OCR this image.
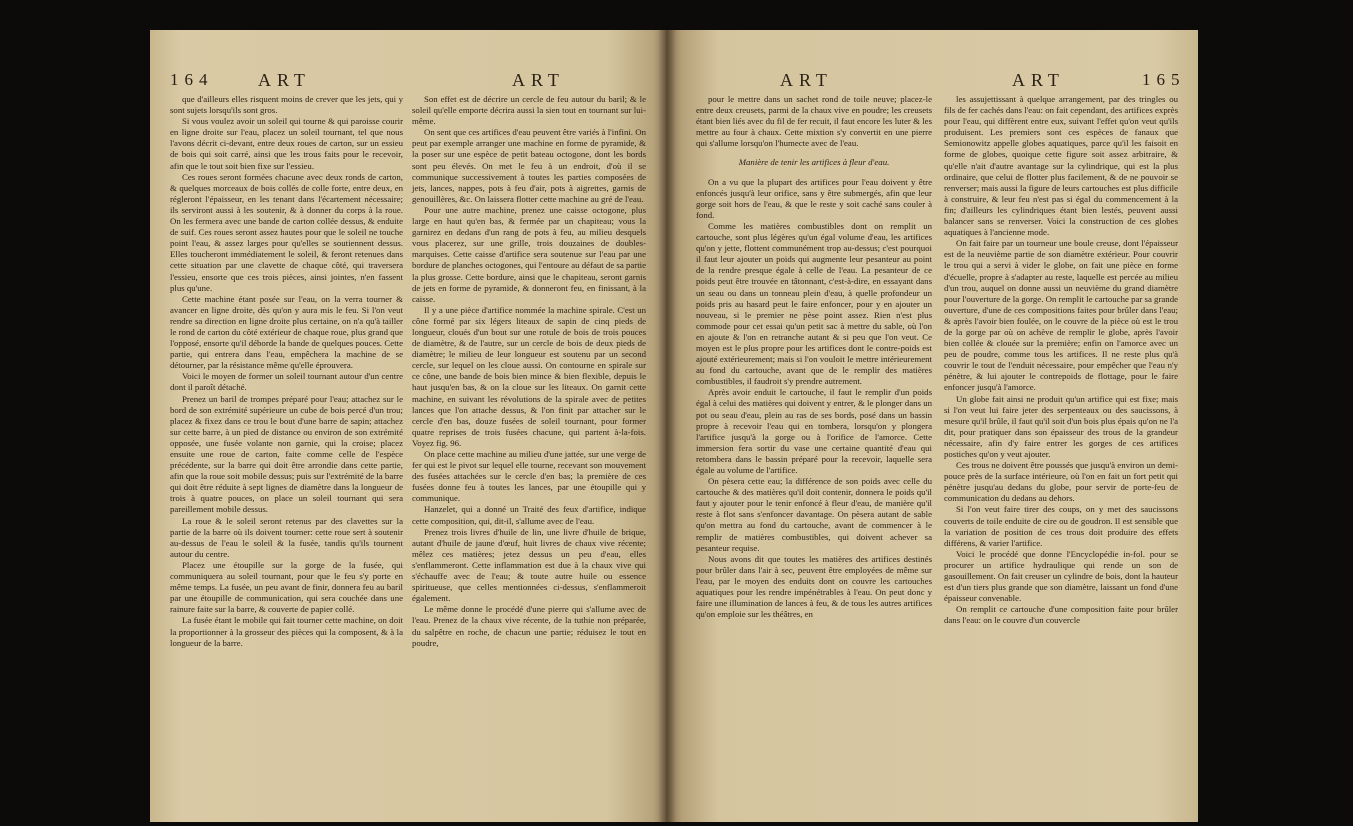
164 ART	ART

que d'ailleurs elles risquent moins de crever que les jets, qui y sont sujets lorsqu'ils sont gros.

Si vous voulez avoir un soleil qui tourne & qui paroisse courir en ligne droite sur l'eau, placez un soleil tournant, tel que nous l'avons décrit ci-devant, entre deux roues de carton, sur un essieu de bois qui soit carré, ainsi que les trous faits pour le recevoir, afin que le tout soit bien fixe sur l'essieu.

Ces roues seront formées chacune avec deux ronds de carton, & quelques morceaux de bois collés de colle forte, entre deux, en régleront l'épaisseur, en les tenant dans l'écartement nécessaire; ils serviront aussi à les soutenir, & à donner du corps à la roue. On les fermera avec une bande de carton collée dessus, & enduite de suif. Ces roues seront assez hautes pour que le soleil ne touche point l'eau, & assez larges pour qu'elles se soutiennent dessus. Elles toucheront immédiatement le soleil, & feront retenues dans cette situation par une clavette de chaque côté, qui traversera l'essieu, ensorte que ces trois pièces, ainsi jointes, n'en fassent plus qu'une.

Cette machine étant posée sur l'eau, on la verra tourner & avancer en ligne droite, dès qu'on y aura mis le feu. Si l'on veut rendre sa direction en ligne droite plus certaine, on n'a qu'à tailler le rond de carton du côté extérieur de chaque roue, plus grand que l'opposé, ensorte qu'il déborde la bande de quelques pouces. Cette partie, qui entrera dans l'eau, empêchera la machine de se détourner, par la résistance même qu'elle éprouvera.

Voici le moyen de former un soleil tournant autour d'un centre dont il paroît détaché.

Prenez un baril de trompes préparé pour l'eau; attachez sur le bord de son extrémité supérieure un cube de bois percé d'un trou; placez & fixez dans ce trou le bout d'une barre de sapin; attachez sur cette barre, à un pied de distance ou environ de son extrémité opposée, une fusée volante non garnie, qui la croise; placez ensuite une roue de carton, faite comme celle de l'espèce précédente, sur la barre qui doit être arrondie dans cette partie, afin que la roue soit mobile dessus; puis sur l'extrémité de la barre qui doit être réduite à sept lignes de diamètre dans la longueur de trois à quatre pouces, on place un soleil tournant qui sera pareillement mobile dessus.

La roue & le soleil seront retenus par des clavettes sur la partie de la barre où ils doivent tourner: cette roue sert à soutenir au-dessus de l'eau le soleil & la fusée, tandis qu'ils tournent autour du centre.

Placez une étoupille sur la gorge de la fusée, qui communiquera au soleil tournant, pour que le feu s'y porte en même temps. La fusée, un peu avant de finir, donnera feu au baril par une étoupille de communication, qui sera couchée dans une rainure faite sur la barre, & couverte de papier collé.

La fusée étant le mobile qui fait tourner cette machine, on doit la proportionner à la grosseur des pièces qui la composent, & à la longueur de la barre.

Son effet est de décrire un cercle de feu autour du baril; & le soleil qu'elle emporte décrira aussi la sien tout en tournant sur lui-même.

On sent que ces artifices d'eau peuvent être variés à l'infini. On peut par exemple arranger une machine en forme de pyramide, & la poser sur une espèce de petit bateau octogone, dont les bords sont peu élevés. On met le feu à un endroit, d'où il se communique successivement à toutes les parties composées de jets, lances, nappes, pots à feu d'air, pots à aigrettes, garnis de genouillères, &c. On laissera flotter cette machine au gré de l'eau.

Pour une autre machine, prenez une caisse octogone, plus large en haut qu'en bas, & fermée par un chapiteau; vous la garnirez en dedans d'un rang de pots à feu, au milieu desquels vous placerez, sur une grille, trois douzaines de doubles-marquises. Cette caisse d'artifice sera soutenue sur l'eau par une bordure de planches octogones, qui l'entoure au défaut de sa partie la plus grosse. Cette bordure, ainsi que le chapiteau, seront garnis de jets en forme de pyramide, & donneront feu, en finissant, à la caisse.

Il y a une pièce d'artifice nommée la machine spirale. C'est un cône formé par six légers liteaux de sapin de cinq pieds de longueur, cloués d'un bout sur une rotule de bois de trois pouces de diamètre, & de l'autre, sur un cercle de bois de deux pieds de diamètre; le milieu de leur longueur est soutenu par un second cercle, sur lequel on les cloue aussi. On contourne en spirale sur ce cône, une bande de bois bien mince & bien flexible, depuis le haut jusqu'en bas, & on la cloue sur les liteaux. On garnit cette machine, en suivant les révolutions de la spirale avec de petites lances que l'on attache dessus, & l'on finit par attacher sur le cercle d'en bas, douze fusées de soleil tournant, pour former quatre reprises de trois fusées chacune, qui partent à-la-fois. Voyez fig. 96.

On place cette machine au milieu d'une jattée, sur une verge de fer qui est le pivot sur lequel elle tourne, recevant son mouvement des fusées attachées sur le cercle d'en bas; la première de ces fusées donne feu à toutes les lances, par une étoupille qui y communique.

Hanzelet, qui a donné un Traité des feux d'artifice, indique cette composition, qui, dit-il, s'allume avec de l'eau.

Prenez trois livres d'huile de lin, une livre d'huile de brique, autant d'huile de jaune d'œuf, huit livres de chaux vive récente; mêlez ces matières; jetez dessus un peu d'eau, elles s'enflammeront. Cette inflammation est due à la chaux vive qui s'échauffe avec de l'eau; & toute autre huile ou essence spiritueuse, que celles mentionnées ci-dessus, s'enflammeroit également.

Le même donne le procédé d'une pierre qui s'allume avec de l'eau. Prenez de la chaux vive récente, de la tuthie non préparée, du salpêtre en roche, de chacun une partie; réduisez le tout en poudre,

ART	ART	165

pour le mettre dans un sachet rond de toile neuve; placez-le entre deux creusets, parmi de la chaux vive en poudre; les creusets étant bien liés avec du fil de fer recuit, il faut encore les luter & les mettre au four à chaux. Cette mixtion s'y convertit en une pierre qui s'allume lorsqu'on l'humecte avec de l'eau.

Manière de tenir les artifices à fleur d'eau.

On a vu que la plupart des artifices pour l'eau doivent y être enfoncés jusqu'à leur orifice, sans y être submergés, afin que leur gorge soit hors de l'eau, & que le reste y soit caché sans couler à fond.

Comme les matières combustibles dont on remplit un cartouche, sont plus légères qu'un égal volume d'eau, les artifices qu'on y jette, flottent communément trop au-dessus; c'est pourquoi il faut leur ajouter un poids qui augmente leur pesanteur au point de la rendre presque égale à celle de l'eau. La pesanteur de ce poids peut être trouvée en tâtonnant, c'est-à-dire, en essayant dans un seau ou dans un tonneau plein d'eau, à quelle profondeur un poids pris au hasard peut le faire enfoncer, pour y en ajouter un nouveau, si le premier ne pèse point assez. Rien n'est plus commode pour cet essai qu'un petit sac à mettre du sable, où l'on en ajoute & l'on en retranche autant & si peu que l'on veut. Ce moyen est le plus propre pour les artifices dont le contre-poids est ajouté extérieurement; mais si l'on vouloit le mettre intérieurement au fond du cartouche, avant que de le remplir des matières combustibles, il faudroit s'y prendre autrement.

Après avoir enduit le cartouche, il faut le remplir d'un poids égal à celui des matières qui doivent y entrer, & le plonger dans un pot ou seau d'eau, plein au ras de ses bords, posé dans un bassin propre à recevoir l'eau qui en tombera, lorsqu'on y plongera l'artifice jusqu'à la gorge ou à l'orifice de l'amorce. Cette immersion fera sortir du vase une certaine quantité d'eau qui retombera dans le bassin préparé pour la recevoir, laquelle sera égale au volume de l'artifice.

On pèsera cette eau; la différence de son poids avec celle du cartouche & des matières qu'il doit contenir, donnera le poids qu'il faut y ajouter pour le tenir enfoncé à fleur d'eau, de manière qu'il reste à flot sans s'enfoncer davantage. On pèsera autant de sable qu'on mettra au fond du cartouche, avant de commencer à le remplir de matières combustibles, qui doivent achever sa pesanteur requise.

Nous avons dit que toutes les matières des artifices destinés pour brûler dans l'air à sec, peuvent être employées de même sur l'eau, par le moyen des enduits dont on couvre les cartouches aquatiques pour les rendre impénétrables à l'eau. On peut donc y faire une illumination de lances à feu, & de tous les autres artifices qu'on emploie sur les théâtres, en

les assujettissant à quelque arrangement, par des tringles ou fils de fer cachés dans l'eau: on fait cependant, des artifices exprès pour l'eau, qui diffèrent entre eux, suivant l'effet qu'on veut qu'ils produisent. Les premiers sont ces espèces de fanaux que Semionowitz appelle globes aquatiques, parce qu'il les faisoit en forme de globes, quoique cette figure soit assez arbitraire, & qu'elle n'ait d'autre avantage sur la cylindrique, qui est la plus ordinaire, que celui de flotter plus facilement, & de ne pouvoir se renverser; mais aussi la figure de leurs cartouches est plus difficile à construire, & leur feu n'est pas si égal du commencement à la fin; d'ailleurs les cylindriques étant bien lestés, peuvent aussi balancer sans se renverser. Voici la construction de ces globes aquatiques à l'ancienne mode.

On fait faire par un tourneur une boule creuse, dont l'épaisseur est de la neuvième partie de son diamètre extérieur. Pour couvrir le trou qui a servi à vider le globe, on fait une pièce en forme d'écuelle, propre à s'adapter au reste, laquelle est percée au milieu d'un trou, auquel on donne aussi un neuvième du grand diamètre pour l'ouverture de la gorge. On remplit le cartouche par sa grande ouverture, d'une de ces compositions faites pour brûler dans l'eau; & après l'avoir bien foulée, on le couvre de la pièce où est le trou de la gorge par où on achève de remplir le globe, après l'avoir bien collée & clouée sur la première; enfin on l'amorce avec un peu de poudre, comme tous les artifices. Il ne reste plus qu'à couvrir le tout de l'enduit nécessaire, pour empêcher que l'eau n'y pénètre, & lui ajouter le contrepoids de flottage, pour le faire enfoncer jusqu'à l'amorce.

Un globe fait ainsi ne produit qu'un artifice qui est fixe; mais si l'on veut lui faire jeter des serpenteaux ou des saucissons, à mesure qu'il brûle, il faut qu'il soit d'un bois plus épais qu'on ne l'a dit, pour pratiquer dans son épaisseur des trous de la grandeur nécessaire, afin d'y faire entrer les gorges de ces artifices postiches qu'on y veut ajouter.

Ces trous ne doivent être poussés que jusqu'à environ un demi-pouce près de la surface intérieure, où l'on en fait un fort petit qui pénètre jusqu'au dedans du globe, pour servir de porte-feu de communication du dedans au dehors.

Si l'on veut faire tirer des coups, on y met des saucissons couverts de toile enduite de cire ou de goudron. Il est sensible que la variation de position de ces trous doit produire des effets différens, & varier l'artifice.

Voici le procédé que donne l'Encyclopédie in-fol. pour se procurer un artifice hydraulique qui rende un son de gasouillement. On fait creuser un cylindre de bois, dont la hauteur est d'un tiers plus grande que son diamètre, laissant un fond d'une épaisseur convenable.

On remplit ce cartouche d'une composition faite pour brûler dans l'eau: on le couvre d'un couvercle
